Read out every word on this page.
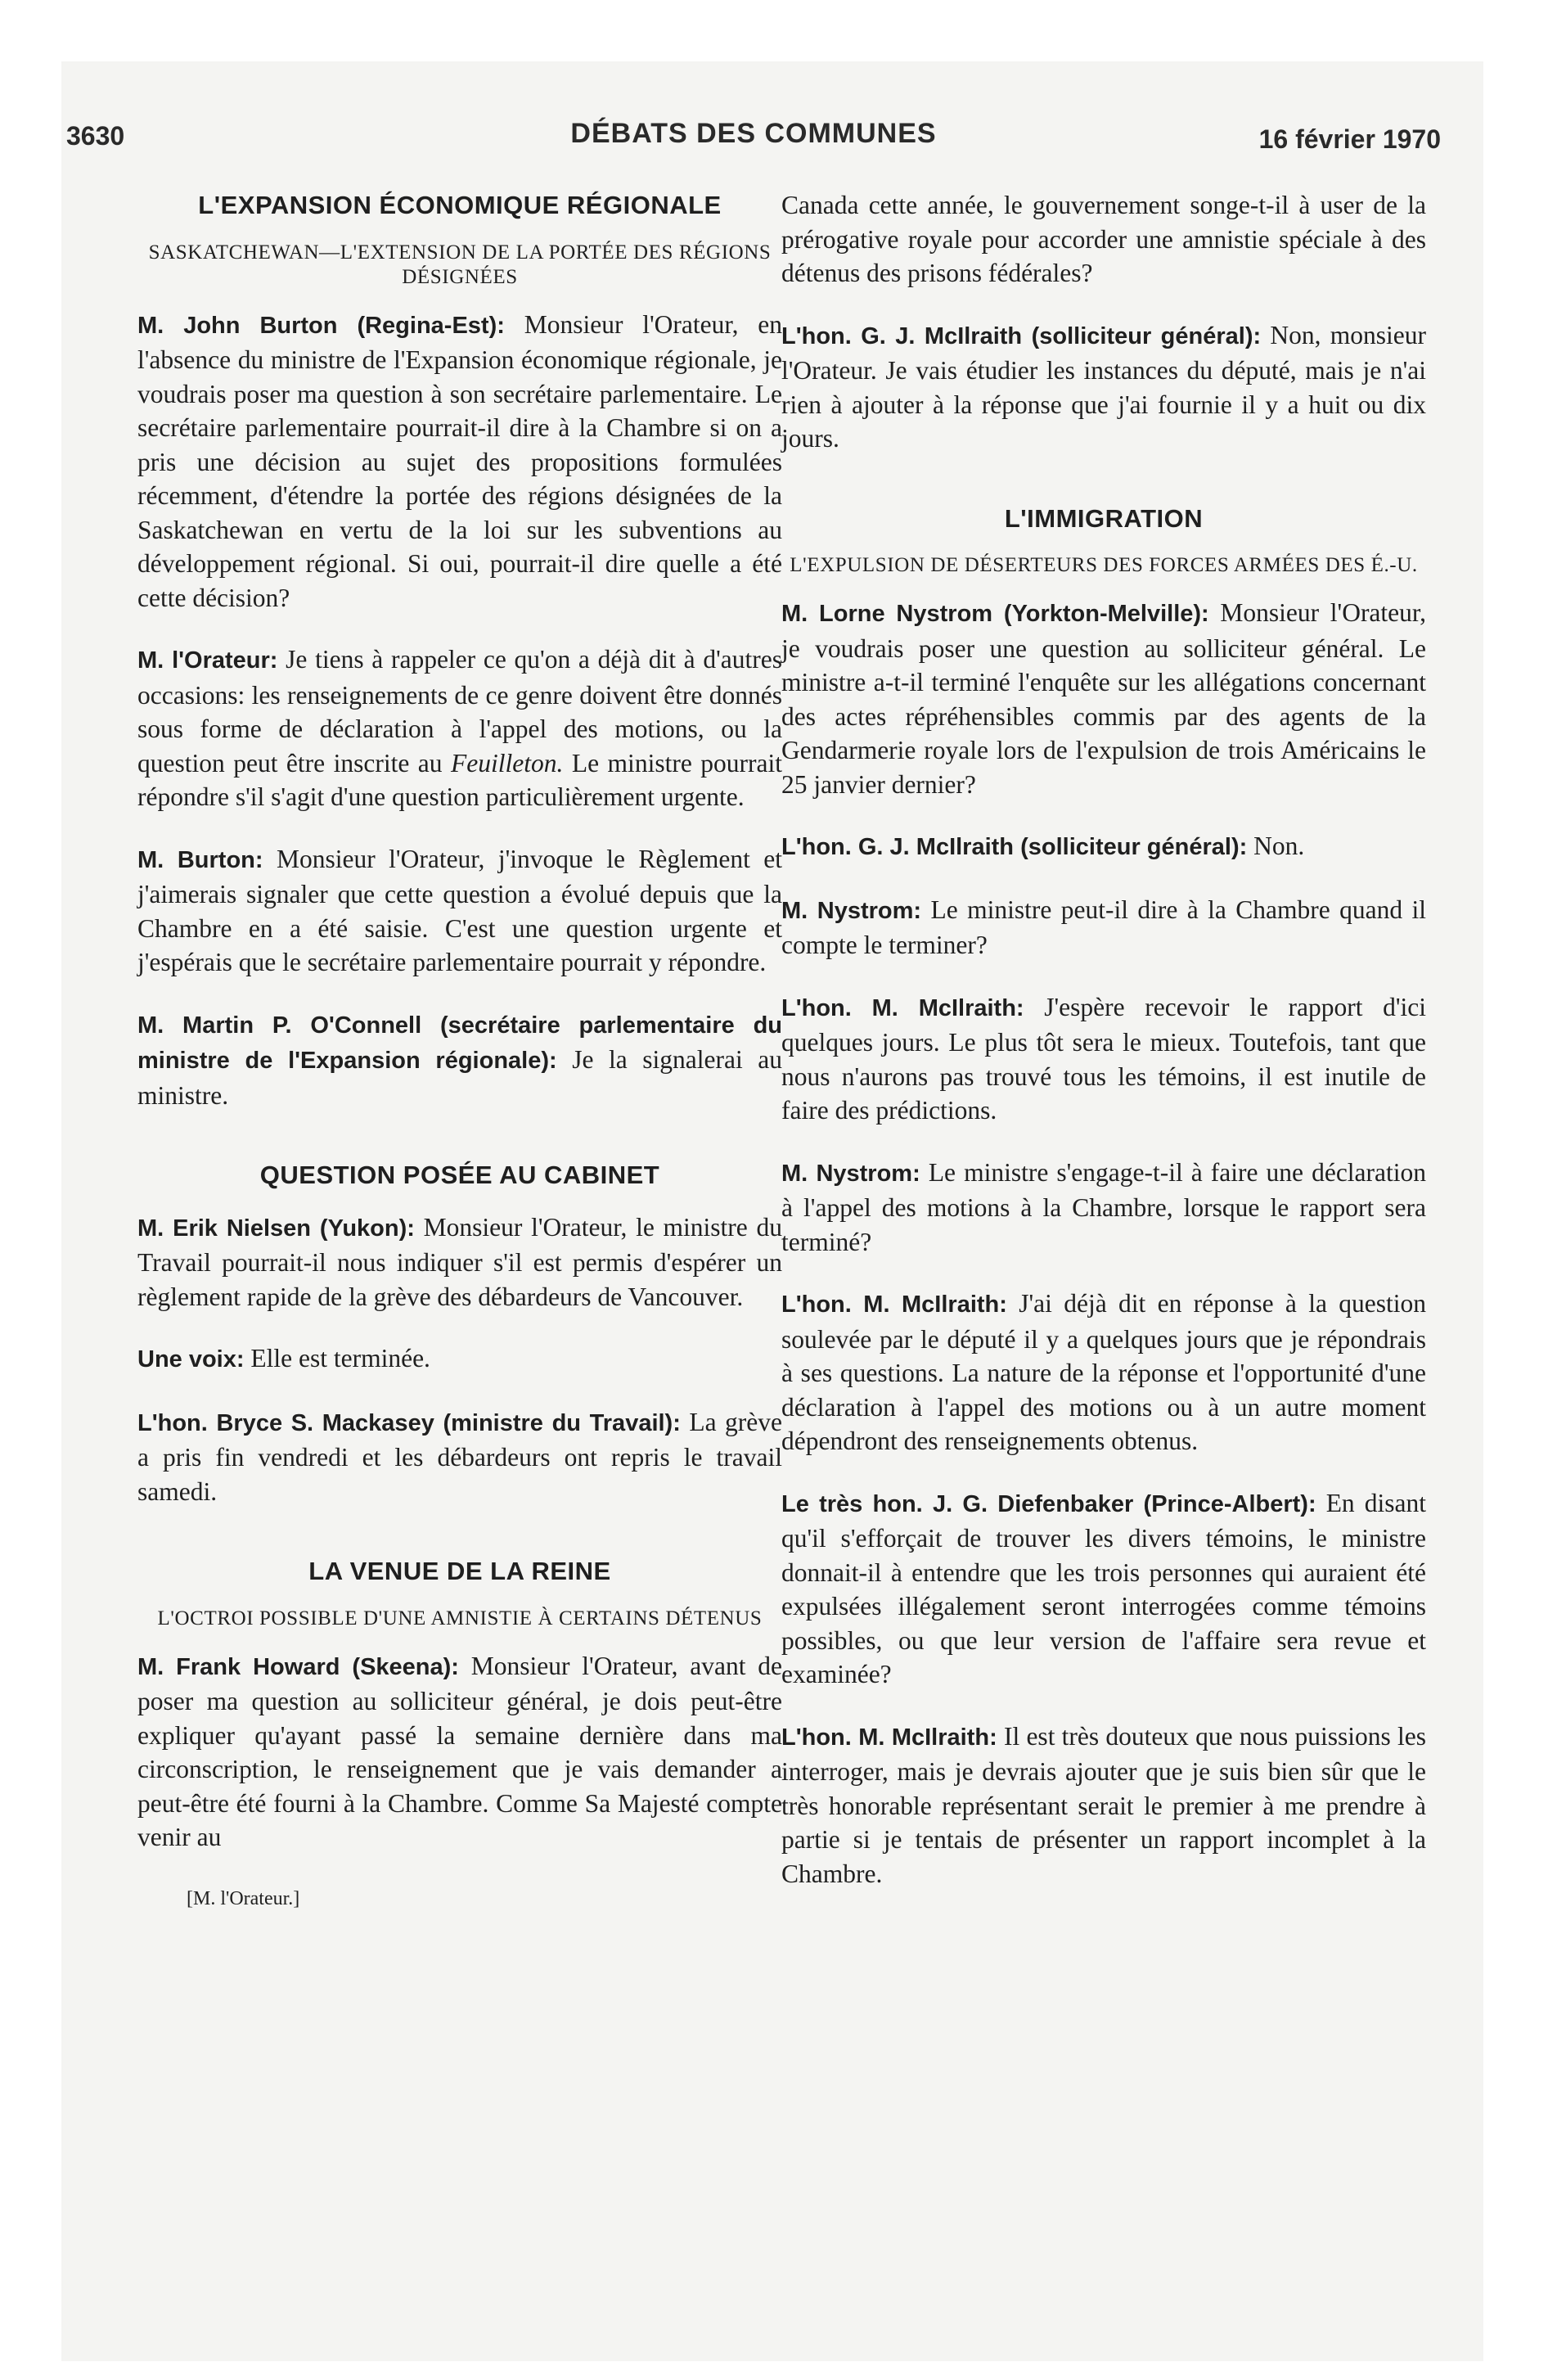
3630	DÉBATS DES COMMUNES	16 février 1970
L'EXPANSION ÉCONOMIQUE RÉGIONALE
SASKATCHEWAN—L'EXTENSION DE LA PORTÉE DES RÉGIONS DÉSIGNÉES

M. John Burton (Regina-Est): Monsieur l'Orateur, en l'absence du ministre de l'Expansion économique régionale, je voudrais poser ma question à son secrétaire parlementaire. Le secrétaire parlementaire pourrait-il dire à la Chambre si on a pris une décision au sujet des propositions formulées récemment, d'étendre la portée des régions désignées de la Saskatchewan en vertu de la loi sur les subventions au développement régional. Si oui, pourrait-il dire quelle a été cette décision?

M. l'Orateur: Je tiens à rappeler ce qu'on a déjà dit à d'autres occasions: les renseignements de ce genre doivent être donnés sous forme de déclaration à l'appel des motions, ou la question peut être inscrite au Feuilleton. Le ministre pourrait répondre s'il s'agit d'une question particulièrement urgente.

M. Burton: Monsieur l'Orateur, j'invoque le Règlement et j'aimerais signaler que cette question a évolué depuis que la Chambre en a été saisie. C'est une question urgente et j'espérais que le secrétaire parlementaire pourrait y répondre.

M. Martin P. O'Connell (secrétaire parlementaire du ministre de l'Expansion régionale): Je la signalerai au ministre.

QUESTION POSÉE AU CABINET

M. Erik Nielsen (Yukon): Monsieur l'Orateur, le ministre du Travail pourrait-il nous indiquer s'il est permis d'espérer un règlement rapide de la grève des débardeurs de Vancouver.

Une voix: Elle est terminée.

L'hon. Bryce S. Mackasey (ministre du Travail): La grève a pris fin vendredi et les débardeurs ont repris le travail samedi.

LA VENUE DE LA REINE
L'OCTROI POSSIBLE D'UNE AMNISTIE À CERTAINS DÉTENUS

M. Frank Howard (Skeena): Monsieur l'Orateur, avant de poser ma question au solliciteur général, je dois peut-être expliquer qu'ayant passé la semaine dernière dans ma circonscription, le renseignement que je vais demander a peut-être été fourni à la Chambre. Comme Sa Majesté compte venir au

[M. l'Orateur.]

Canada cette année, le gouvernement songe-t-il à user de la prérogative royale pour accorder une amnistie spéciale à des détenus des prisons fédérales?

L'hon. G. J. McIlraith (solliciteur général): Non, monsieur l'Orateur. Je vais étudier les instances du député, mais je n'ai rien à ajouter à la réponse que j'ai fournie il y a huit ou dix jours.

L'IMMIGRATION
L'EXPULSION DE DÉSERTEURS DES FORCES ARMÉES DES É.-U.

M. Lorne Nystrom (Yorkton-Melville): Monsieur l'Orateur, je voudrais poser une question au solliciteur général. Le ministre a-t-il terminé l'enquête sur les allégations concernant des actes répréhensibles commis par des agents de la Gendarmerie royale lors de l'expulsion de trois Américains le 25 janvier dernier?

L'hon. G. J. McIlraith (solliciteur général): Non.

M. Nystrom: Le ministre peut-il dire à la Chambre quand il compte le terminer?

L'hon. M. McIlraith: J'espère recevoir le rapport d'ici quelques jours. Le plus tôt sera le mieux. Toutefois, tant que nous n'aurons pas trouvé tous les témoins, il est inutile de faire des prédictions.

M. Nystrom: Le ministre s'engage-t-il à faire une déclaration à l'appel des motions à la Chambre, lorsque le rapport sera terminé?

L'hon. M. McIlraith: J'ai déjà dit en réponse à la question soulevée par le député il y a quelques jours que je répondrais à ses questions. La nature de la réponse et l'opportunité d'une déclaration à l'appel des motions ou à un autre moment dépendront des renseignements obtenus.

Le très hon. J. G. Diefenbaker (Prince-Albert): En disant qu'il s'efforçait de trouver les divers témoins, le ministre donnait-il à entendre que les trois personnes qui auraient été expulsées illégalement seront interrogées comme témoins possibles, ou que leur version de l'affaire sera revue et examinée?

L'hon. M. McIlraith: Il est très douteux que nous puissions les interroger, mais je devrais ajouter que je suis bien sûr que le très honorable représentant serait le premier à me prendre à partie si je tentais de présenter un rapport incomplet à la Chambre.
